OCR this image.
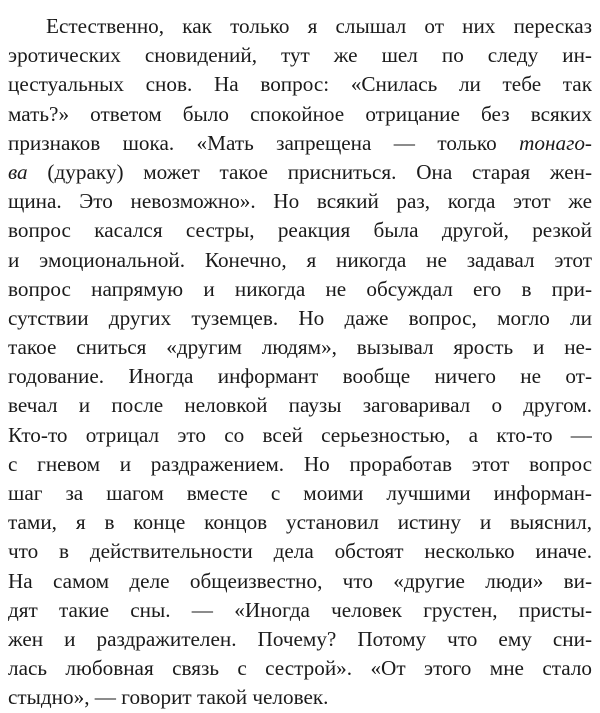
Естественно, как только я слышал от них пересказ
эротических сновидений, тут же шел по следу ин-
цестуальных снов. На вопрос: «Снилась ли тебе так
мать?» ответом было спокойное отрицание без всяких
признаков шока. «Мать запрещена — только тонаго-
ва (дураку) может такое присниться. Она старая жен-
щина. Это невозможно». Но всякий раз, когда этот же
вопрос касался сестры, реакция была другой, резкой
и эмоциональной. Конечно, я никогда не задавал этот
вопрос напрямую и никогда не обсуждал его в при-
сутствии других туземцев. Но даже вопрос, могло ли
такое сниться «другим людям», вызывал ярость и не-
годование. Иногда информант вообще ничего не от-
вечал и после неловкой паузы заговаривал о другом.
Кто-то отрицал это со всей серьезностью, а кто-то —
с гневом и раздражением. Но проработав этот вопрос
шаг за шагом вместе с моими лучшими информан-
тами, я в конце концов установил истину и выяснил,
что в действительности дела обстоят несколько иначе.
На самом деле общеизвестно, что «другие люди» ви-
дят такие сны. — «Иногда человек грустен, присты-
жен и раздражителен. Почему? Потому что ему сни-
лась любовная связь с сестрой». «От этого мне стало
стыдно», — говорит такой человек.
